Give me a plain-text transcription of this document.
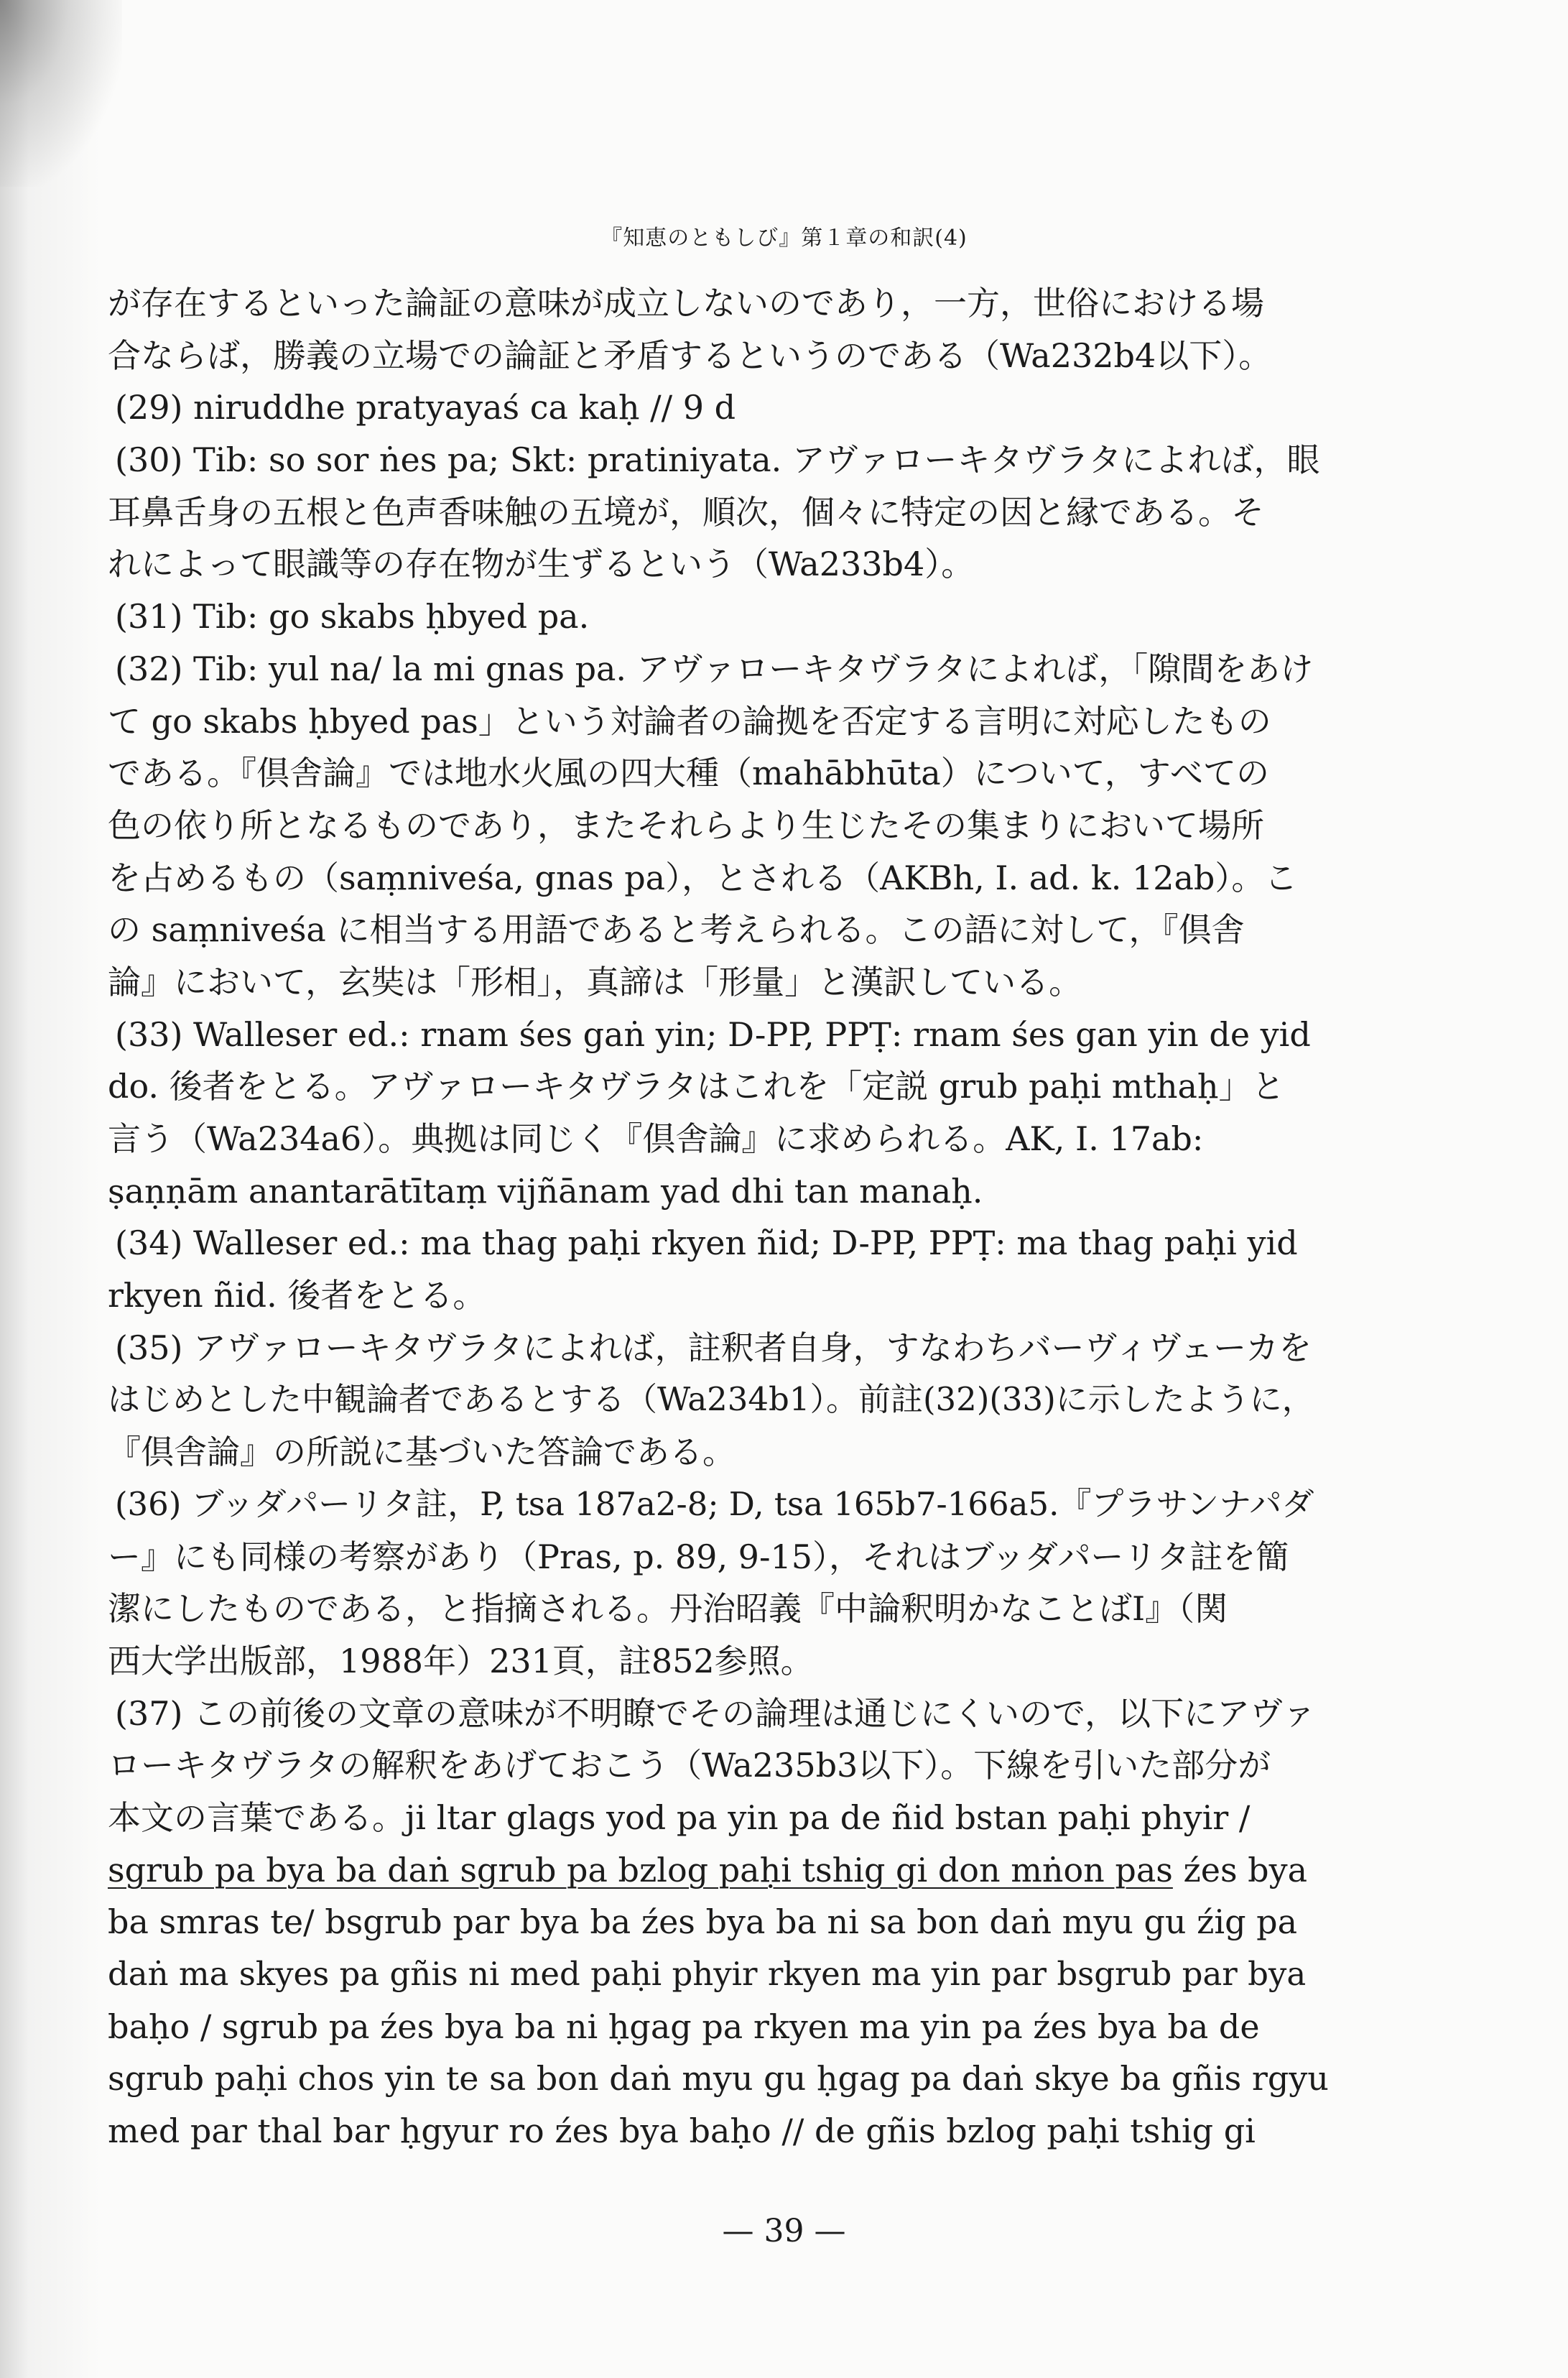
『知恵のともしび』第１章の和訳(4)
が存在するといった論証の意味が成立しないのであり，一方，世俗における場
合ならば，勝義の立場での論証と矛盾するというのである（Wa232b4以下）。
(29) niruddhe pratyayaś ca kaḥ // 9 d
(30) Tib: so sor ṅes pa; Skt: pratiniyata. アヴァローキタヴラタによれば，眼
耳鼻舌身の五根と色声香味触の五境が，順次，個々に特定の因と縁である。そ
れによって眼識等の存在物が生ずるという（Wa233b4）。
(31) Tib: go skabs ḥbyed pa.
(32) Tib: yul na/ la mi gnas pa. アヴァローキタヴラタによれば，「隙間をあけ
て go skabs ḥbyed pas」という対論者の論拠を否定する言明に対応したもの
である。『倶舎論』では地水火風の四大種（mahābhūta）について，すべての
色の依り所となるものであり，またそれらより生じたその集まりにおいて場所
を占めるもの（saṃniveśa, gnas pa），とされる（AKBh, I. ad. k. 12ab）。こ
の saṃniveśa に相当する用語であると考えられる。この語に対して，『倶舎
論』において，玄奘は「形相」，真諦は「形量」と漢訳している。
(33) Walleser ed.: rnam śes gaṅ yin; D-PP, PPṬ: rnam śes gan yin de yid
do. 後者をとる。アヴァローキタヴラタはこれを「定説 grub paḥi mthaḥ」と
言う（Wa234a6）。典拠は同じく『倶舎論』に求められる。AK, I. 17ab:
ṣaṇṇām anantarātītaṃ vijñānam yad dhi tan manaḥ.
(34) Walleser ed.: ma thag paḥi rkyen ñid; D-PP, PPṬ: ma thag paḥi yid
rkyen ñid. 後者をとる。
(35) アヴァローキタヴラタによれば，註釈者自身，すなわちバーヴィヴェーカを
はじめとした中観論者であるとする（Wa234b1）。前註(32)(33)に示したように，
『倶舎論』の所説に基づいた答論である。
(36) ブッダパーリタ註，P, tsa 187a2-8; D, tsa 165b7-166a5.『プラサンナパダ
ー』にも同様の考察があり（Pras, p. 89, 9-15），それはブッダパーリタ註を簡
潔にしたものである，と指摘される。丹治昭義『中論釈明かなことばⅠ』（関
西大学出版部，1988年）231頁，註852参照。
(37) この前後の文章の意味が不明瞭でその論理は通じにくいので，以下にアヴァ
ローキタヴラタの解釈をあげておこう（Wa235b3以下）。下線を引いた部分が
本文の言葉である。ji ltar glags yod pa yin pa de ñid bstan paḥi phyir /
sgrub pa bya ba daṅ sgrub pa bzlog paḥi tshig gi don mṅon pas źes bya
ba smras te/ bsgrub par bya ba źes bya ba ni sa bon daṅ myu gu źig pa
daṅ ma skyes pa gñis ni med paḥi phyir rkyen ma yin par bsgrub par bya
baḥo / sgrub pa źes bya ba ni ḥgag pa rkyen ma yin pa źes bya ba de
sgrub paḥi chos yin te sa bon daṅ myu gu ḥgag pa daṅ skye ba gñis rgyu
med par thal bar ḥgyur ro źes bya baḥo // de gñis bzlog paḥi tshig gi
— 39 —
